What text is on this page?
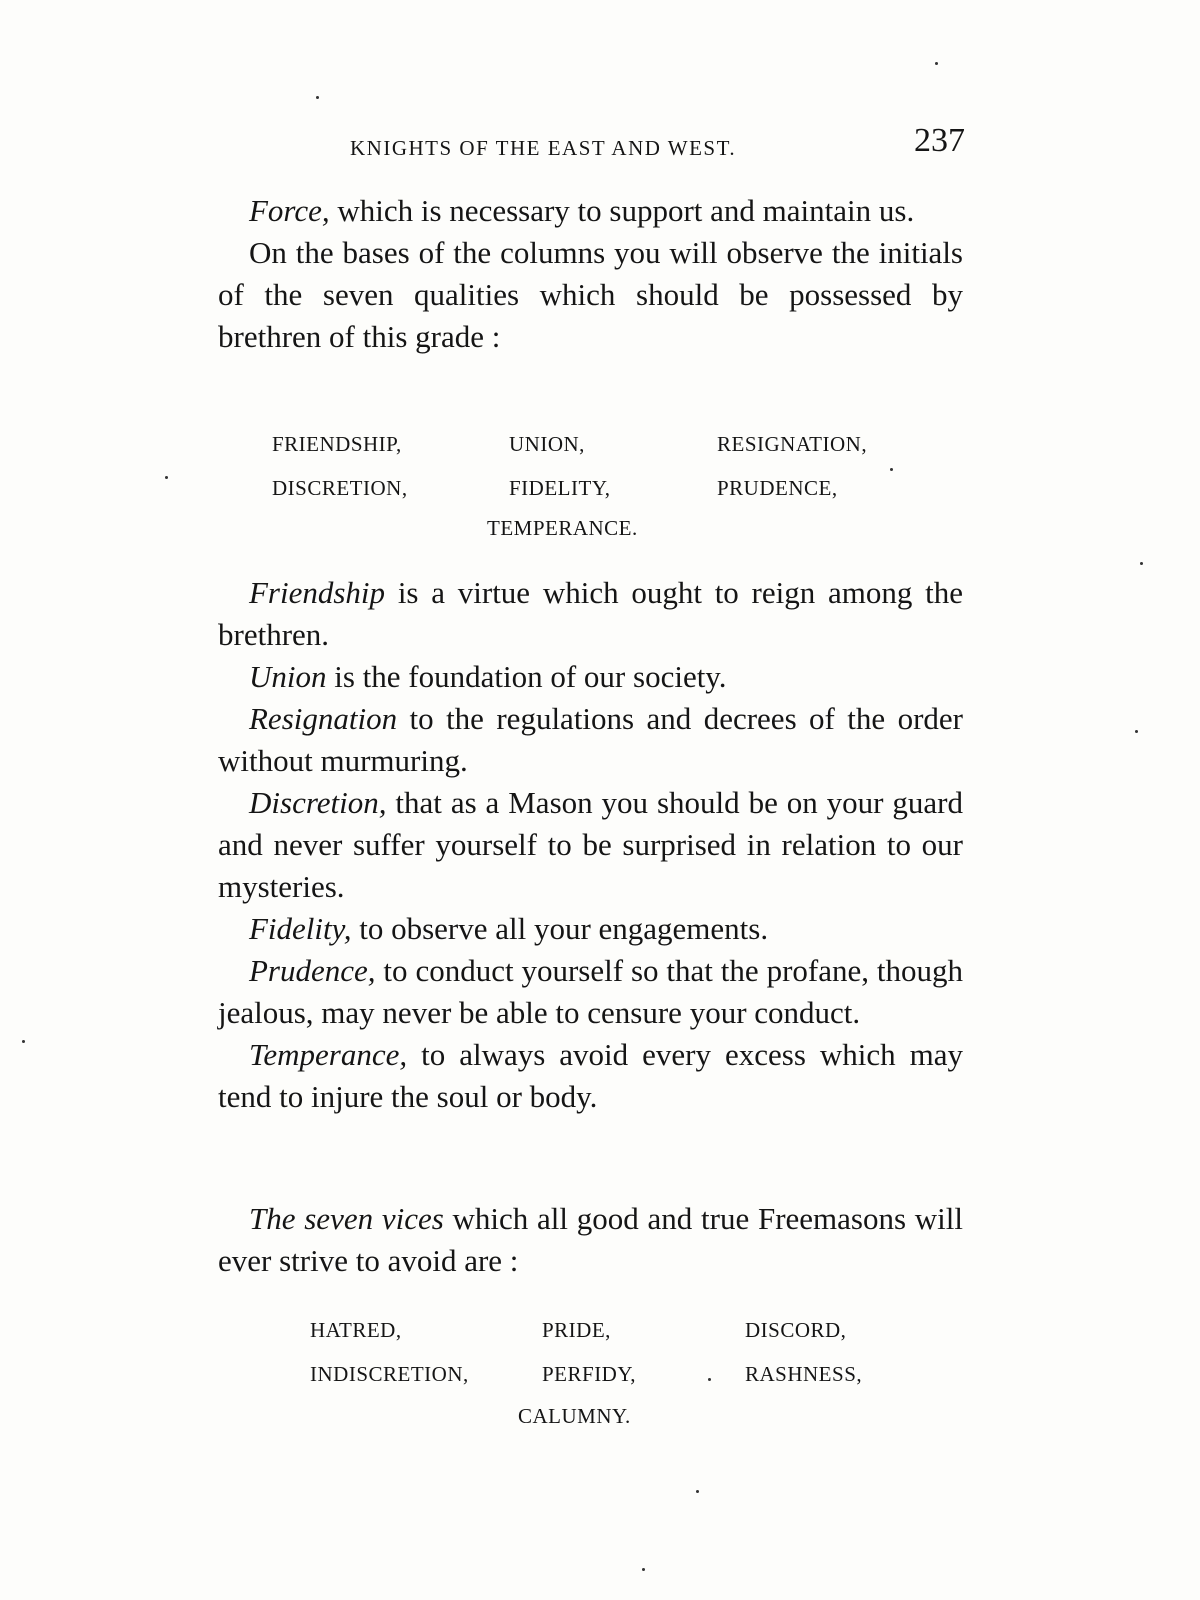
KNIGHTS OF THE EAST AND WEST.	237

Force, which is necessary to support and maintain us.

On the bases of the columns you will observe the initials of the seven qualities which should be possessed by brethren of this grade :

FRIENDSHIP,	UNION,	RESIGNATION,
DISCRETION,	FIDELITY,	PRUDENCE,
TEMPERANCE.

Friendship is a virtue which ought to reign among the brethren.

Union is the foundation of our society.

Resignation to the regulations and decrees of the order without murmuring.

Discretion, that as a Mason you should be on your guard and never suffer yourself to be surprised in relation to our mysteries.

Fidelity, to observe all your engagements.

Prudence, to conduct yourself so that the profane, though jealous, may never be able to censure your conduct.

Temperance, to always avoid every excess which may tend to injure the soul or body.

The seven vices which all good and true Freemasons will ever strive to avoid are :

HATRED,	PRIDE,	DISCORD,
INDISCRETION,	PERFIDY,	RASHNESS,
CALUMNY.
